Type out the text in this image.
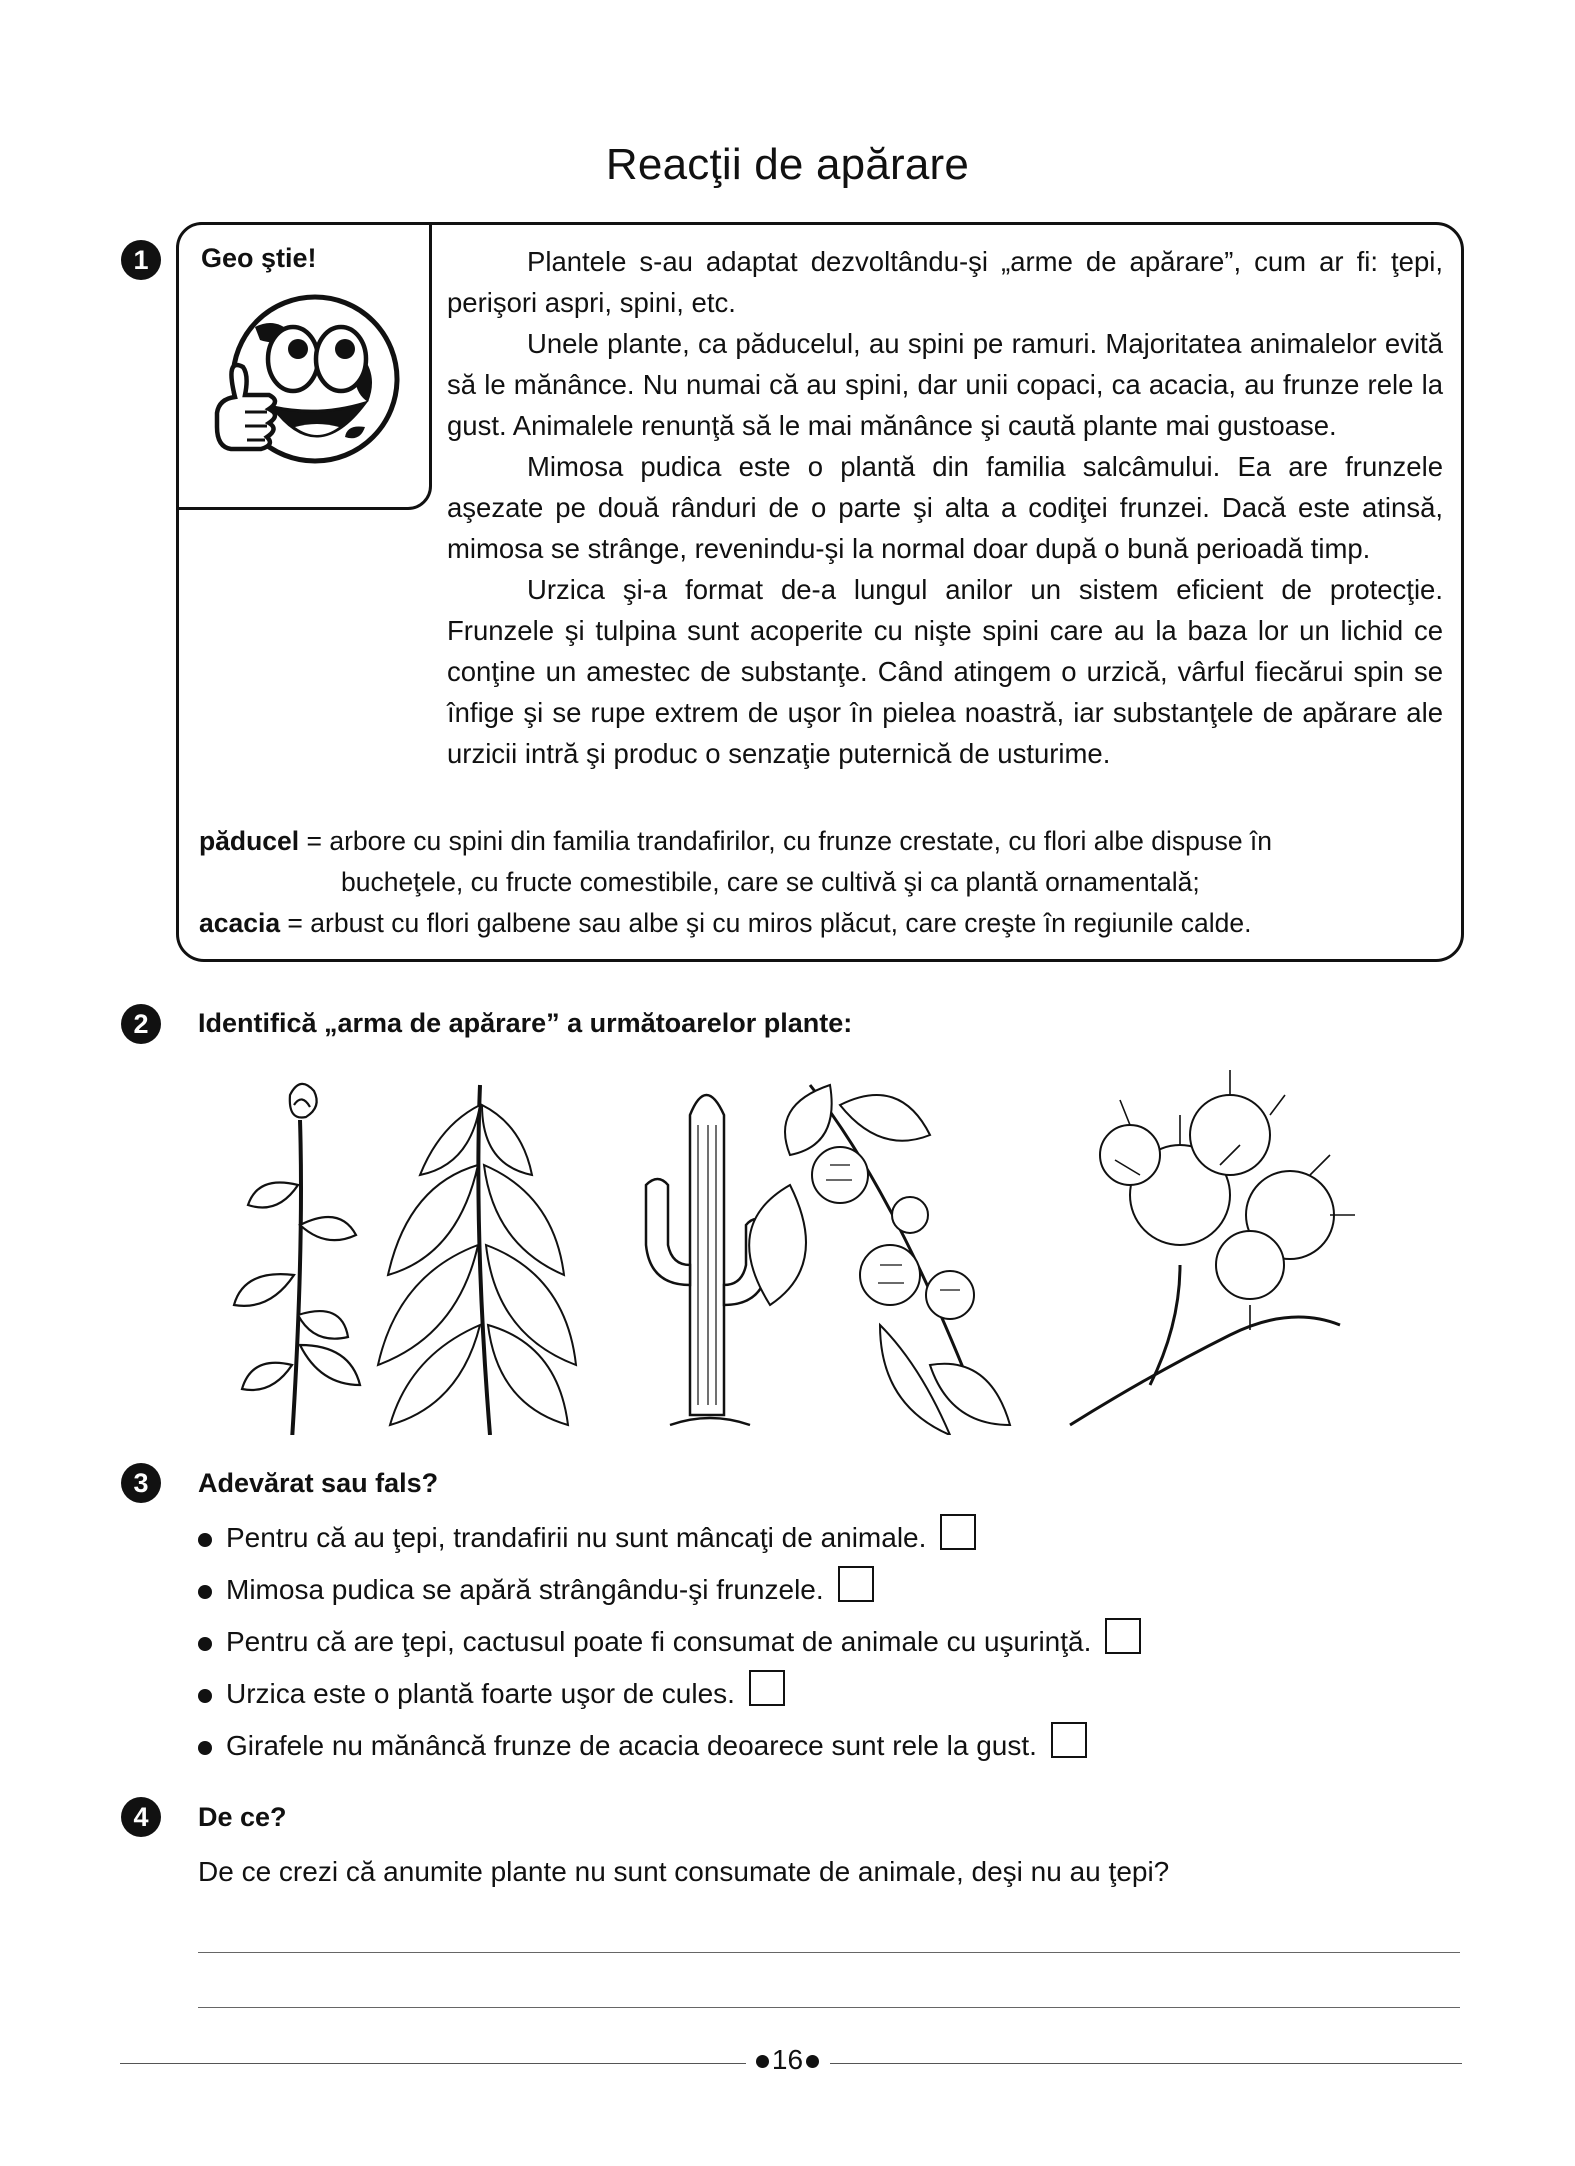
Reacţii de apărare
1	Geo ştie!	Plantele s-au adaptat dezvoltându-şi „arme de apărare”, cum ar fi: ţepi, perişori aspri, spini, etc.

Unele plante, ca păducelul, au spini pe ramuri. Majoritatea animalelor evită să le mănânce. Nu numai că au spini, dar unii copaci, ca acacia, au frunze rele la gust. Animalele renunţă să le mai mănânce şi caută plante mai gustoase.

Mimosa pudica este o plantă din familia salcâmului. Ea are frunzele aşezate pe două rânduri de o parte şi alta a codiţei frunzei. Dacă este atinsă, mimosa se strânge, revenindu-şi la normal doar după o bună perioadă timp.

Urzica şi-a format de-a lungul anilor un sistem eficient de protecţie. Frunzele şi tulpina sunt acoperite cu nişte spini care au la baza lor un lichid ce conţine un amestec de substanţe. Când atingem o urzică, vârful fiecărui spin se înfige şi se rupe extrem de uşor în pielea noastră, iar substanţele de apărare ale urzicii intră şi produc o senzaţie puternică de usturime.

păducel = arbore cu spini din familia trandafirilor, cu frunze crestate, cu flori albe dispuse în
bucheţele, cu fructe comestibile, care se cultivă şi ca plantă ornamentală;
acacia = arbust cu flori galbene sau albe şi cu miros plăcut, care creşte în regiunile calde.
2	Identifică „arma de apărare” a următoarelor plante:
3	Adevărat sau fals?
Pentru că au ţepi, trandafirii nu sunt mâncaţi de animale.
Mimosa pudica se apără strângându-şi frunzele.
Pentru că are ţepi, cactusul poate fi consumat de animale cu uşurinţă.
Urzica este o plantă foarte uşor de cules.
Girafele nu mănâncă frunze de acacia deoarece sunt rele la gust.
4	De ce?
De ce crezi că anumite plante nu sunt consumate de animale, deşi nu au ţepi?
16
